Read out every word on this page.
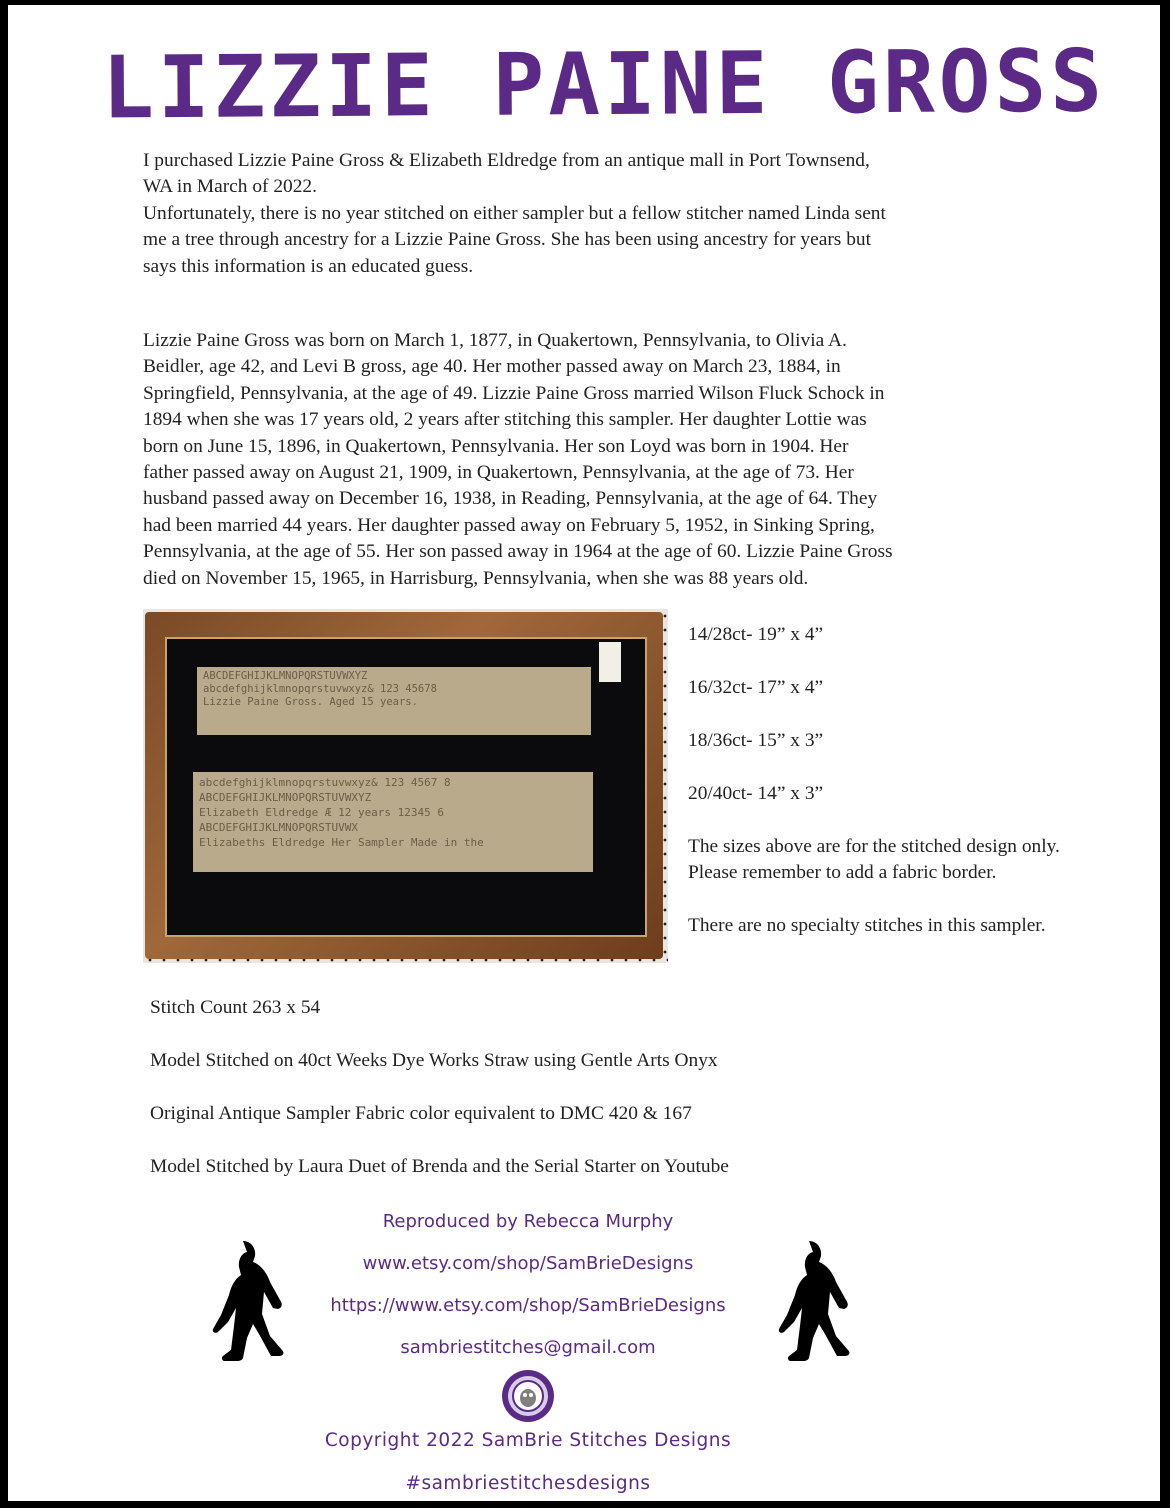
LIZZIE PAINE GROSS
I purchased Lizzie Paine Gross & Elizabeth Eldredge from an antique mall in Port Townsend,
WA in March of 2022.
Unfortunately, there is no year stitched on either sampler but a fellow stitcher named Linda sent
me a tree through ancestry for a Lizzie Paine Gross. She has been using ancestry for years but
says this information is an educated guess.
Lizzie Paine Gross was born on March 1, 1877, in Quakertown, Pennsylvania, to Olivia A.
Beidler, age 42, and Levi B gross, age 40. Her mother passed away on March 23, 1884, in
Springfield, Pennsylvania, at the age of 49. Lizzie Paine Gross married Wilson Fluck Schock in
1894 when she was 17 years old, 2 years after stitching this sampler. Her daughter Lottie was
born on June 15, 1896, in Quakertown, Pennsylvania. Her son Loyd was born in 1904. Her
father passed away on August 21, 1909, in Quakertown, Pennsylvania, at the age of 73. Her
husband passed away on December 16, 1938, in Reading, Pennsylvania, at the age of 64. They
had been married 44 years. Her daughter passed away on February 5, 1952, in Sinking Spring,
Pennsylvania, at the age of 55. Her son passed away in 1964 at the age of 60. Lizzie Paine Gross
died on November 15, 1965, in Harrisburg, Pennsylvania, when she was 88 years old.
ABCDEFGHIJKLMNOPQRSTUVWXYZ
abcdefghijklmnopqrstuvwxyz& 123 45678
Lizzie Paine Gross. Aged 15 years.
abcdefghijklmnopqrstuvwxyz& 123 4567 8
ABCDEFGHIJKLMNOPQRSTUVWXYZ
Elizabeth Eldredge Æ 12 years 12345 6
ABCDEFGHIJKLMNOPQRSTUVWX
Elizabeths Eldredge Her Sampler Made in the
14/28ct- 19” x 4”
16/32ct- 17” x 4”
18/36ct- 15” x 3”
20/40ct- 14” x 3”
The sizes above are for the stitched design only.
Please remember to add a fabric border.
There are no specialty stitches in this sampler.
Stitch Count 263 x 54
Model Stitched on 40ct Weeks Dye Works Straw using Gentle Arts Onyx
Original Antique Sampler Fabric color equivalent to DMC 420 & 167
Model Stitched by Laura Duet of Brenda and the Serial Starter on Youtube
Reproduced by Rebecca Murphy
www.etsy.com/shop/SamBrieDesigns
https://www.etsy.com/shop/SamBrieDesigns
sambriestitches@gmail.com
Copyright 2022 SamBrie Stitches Designs
#sambriestitchesdesigns
